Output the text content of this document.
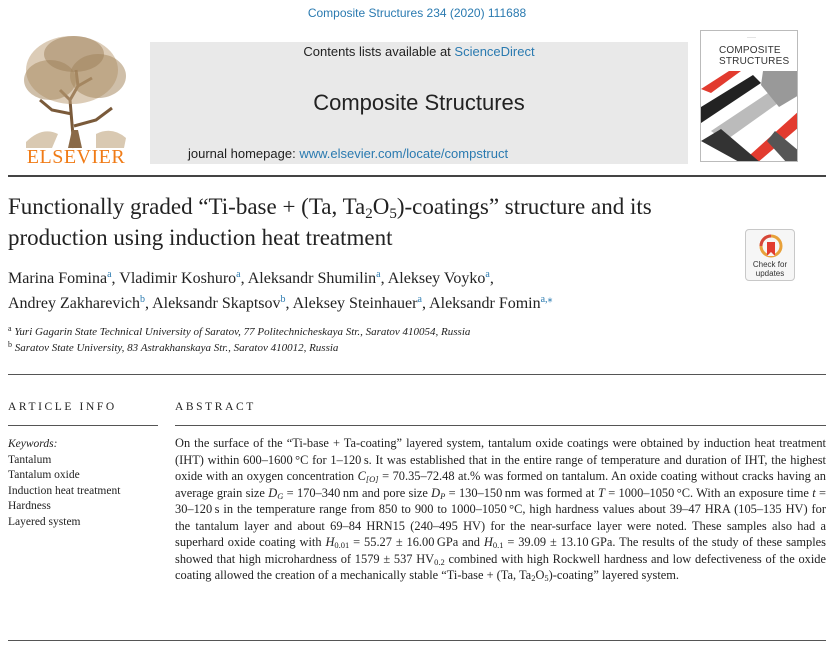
Composite Structures 234 (2020) 111688
ELSEVIER
Contents lists available at ScienceDirect
Composite Structures
journal homepage: www.elsevier.com/locate/compstruct
———
COMPOSITE
STRUCTURES
Functionally graded “Ti-base + (Ta, $Ta_2O_5$)-coatings” structure and its
production using induction heat treatment
Check for
updates
Marina Fomina$^a$, Vladimir Koshuro$^a$, Aleksandr Shumilin$^a$, Aleksey Voyko$^a$,
Andrey Zakharevich$^b$, Aleksandr Skaptsov$^b$, Aleksey Steinhauer$^a$, Aleksandr Fomin$^{a,⁎}$
$^a$ Yuri Gagarin State Technical University of Saratov, 77 Politechnicheskaya Str., Saratov 410054, Russia
$^b$ Saratov State University, 83 Astrakhanskaya Str., Saratov 410012, Russia
ARTICLE INFO	ABSTRACT
Keywords:
Tantalum
Tantalum oxide
Induction heat treatment
Hardness
Layered system
On the surface of the “Ti-base + Ta-coating” layered system, tantalum oxide coatings were obtained by induction heat treatment (IHT) within 600–1600 °C for 1–120 s. It was established that in the entire range of temperature and duration of IHT, the highest oxide with an oxygen concentration $C_{[O]} = 70.35-72.48$ at.% was formed on tantalum. An oxide coating without cracks having an average grain size $D_G = 170-340$ nm and pore size $D_P = 130-150$ nm was formed at T = 1000–1050 °C. With an exposure time t = 30–120 s in the temperature range from 850 to 900 to 1000–1050 °C, high hardness values about 39–47 HRA (105–135 HV) for the tantalum layer and about 69–84 HRN15 (240–495 HV) for the near-surface layer were noted. These samples also had a superhard oxide coating with $H_{0.01} = 55.27 \pm 16.00$ GPa and $H_{0.1} = 39.09 \pm 13.10$ GPa. The results of the study of these samples showed that high microhardness of 1579 ± 537 $HV_{0.2}$ combined with high Rockwell hardness and low defectiveness of the oxide coating allowed the creation of a mechanically stable “Ti-base + (Ta, $Ta_2O_5$)-coating” layered system.
